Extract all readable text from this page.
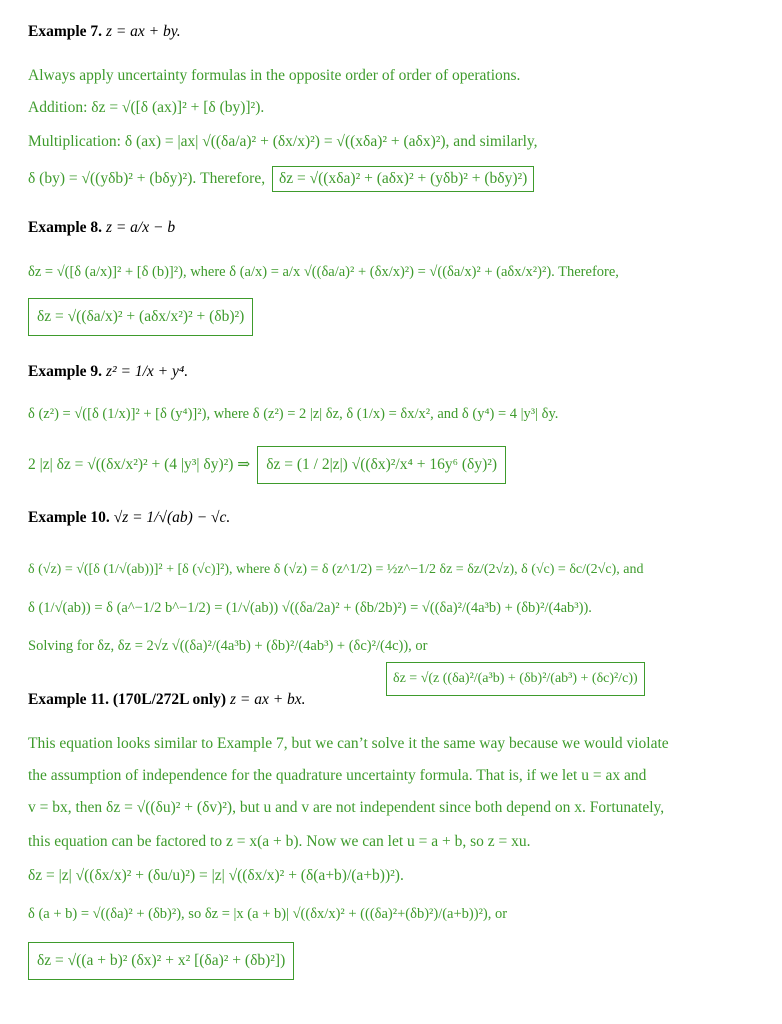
Example 7. z = ax + by.
Always apply uncertainty formulas in the opposite order of order of operations.
Addition: δz = √([δ (ax)]² + [δ (by)]²).
Multiplication: δ (ax) = |ax| √((δa/a)² + (δx/x)²) = √((xδa)² + (aδx)²), and similarly,
δ (by) = √((yδb)² + (bδy)²). Therefore, δz = √((xδa)² + (aδx)² + (yδb)² + (bδy)²)
Example 8. z = a/x − b
δz = √([δ (a/x)]² + [δ (b)]²), where δ (a/x) = a/x √((δa/a)² + (δx/x)²) = √((δa/x)² + (aδx/x²)²). Therefore,
δz = √((δa/x)² + (aδx/x²)² + (δb)²)
Example 9. z² = 1/x + y⁴.
δ (z²) = √([δ (1/x)]² + [δ (y⁴)]²), where δ (z²) = 2 |z| δz, δ (1/x) = δx/x², and δ (y⁴) = 4 |y³| δy.
2 |z| δz = √((δx/x²)² + (4 |y³| δy)²) ⇒ δz = (1 / 2|z|) √((δx)²/x⁴ + 16y⁶ (δy)²)
Example 10. √z = 1/√(ab) − √c.
δ (√z) = √([δ (1/√(ab))]² + [δ (√c)]²), where δ (√z) = δ (z^1/2) = ½z^−1/2 δz = δz/(2√z), δ (√c) = δc/(2√c), and
δ (1/√(ab)) = δ (a^−1/2 b^−1/2) = (1/√(ab)) √((δa/2a)² + (δb/2b)²) = √((δa)²/(4a³b) + (δb)²/(4ab³)).
Solving for δz, δz = 2√z √((δa)²/(4a³b) + (δb)²/(4ab³) + (δc)²/(4c)), or
δz = √(z ((δa)²/(a³b) + (δb)²/(ab³) + (δc)²/c))
Example 11. (170L/272L only) z = ax + bx.
This equation looks similar to Example 7, but we can’t solve it the same way because we would violate
the assumption of independence for the quadrature uncertainty formula. That is, if we let u = ax and
v = bx, then δz = √((δu)² + (δv)²), but u and v are not independent since both depend on x. Fortunately,
this equation can be factored to z = x(a + b). Now we can let u = a + b, so z = xu.
δz = |z| √((δx/x)² + (δu/u)²) = |z| √((δx/x)² + (δ(a+b)/(a+b))²).
δ (a + b) = √((δa)² + (δb)²), so δz = |x (a + b)| √((δx/x)² + (((δa)²+(δb)²)/(a+b))²), or
δz = √((a + b)² (δx)² + x² [(δa)² + (δb)²])
